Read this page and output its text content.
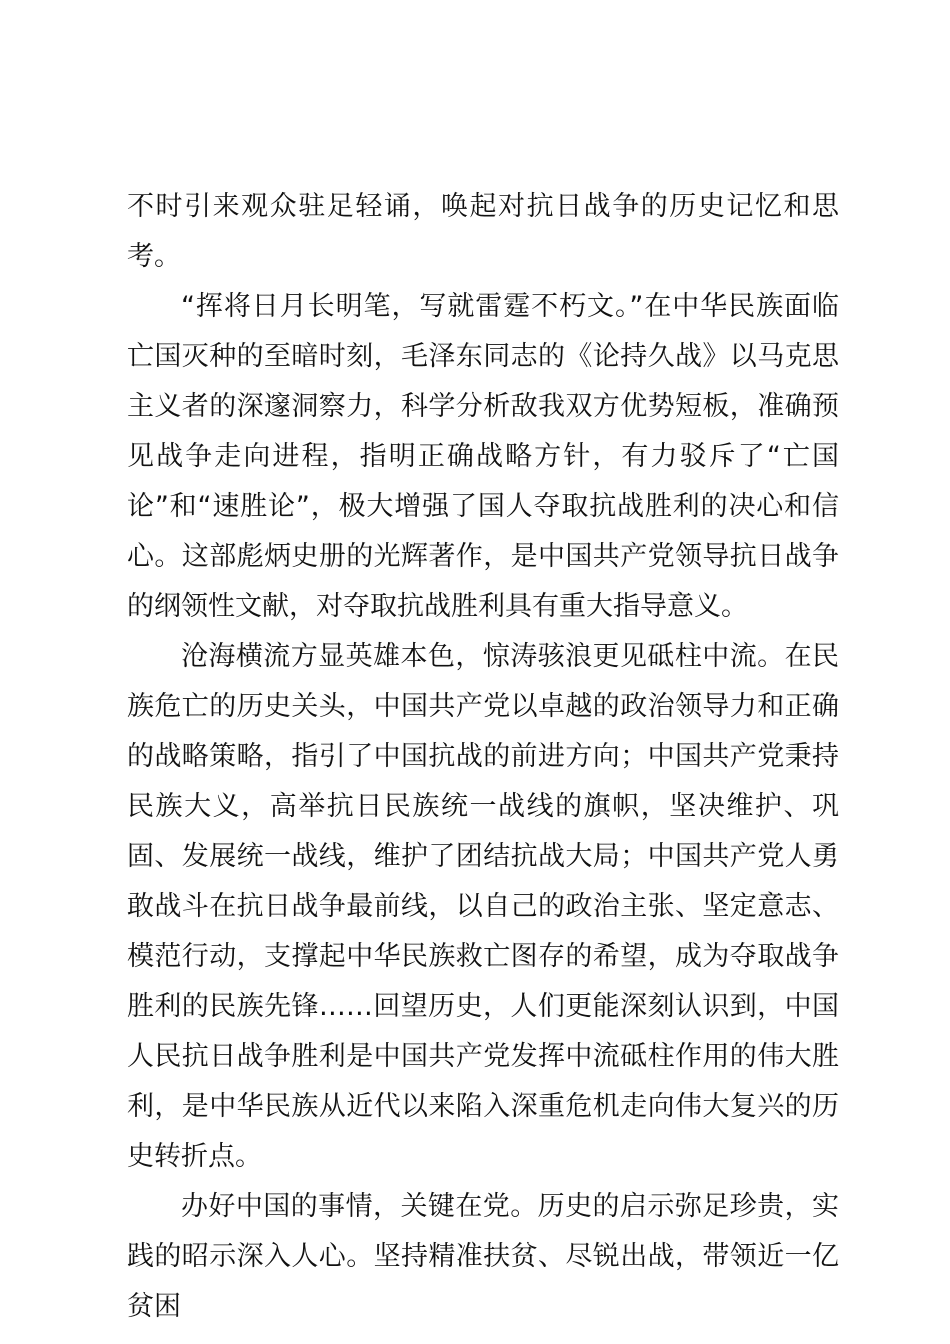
不时引来观众驻足轻诵，唤起对抗日战争的历史记忆和思考。

“挥将日月长明笔，写就雷霆不朽文。”在中华民族面临亡国灭种的至暗时刻，毛泽东同志的《论持久战》以马克思主义者的深邃洞察力，科学分析敌我双方优势短板，准确预见战争走向进程，指明正确战略方针，有力驳斥了“亡国论”和“速胜论”，极大增强了国人夺取抗战胜利的决心和信心。这部彪炳史册的光辉著作，是中国共产党领导抗日战争的纲领性文献，对夺取抗战胜利具有重大指导意义。

沧海横流方显英雄本色，惊涛骇浪更见砥柱中流。在民族危亡的历史关头，中国共产党以卓越的政治领导力和正确的战略策略，指引了中国抗战的前进方向；中国共产党秉持民族大义，高举抗日民族统一战线的旗帜，坚决维护、巩固、发展统一战线，维护了团结抗战大局；中国共产党人勇敢战斗在抗日战争最前线，以自己的政治主张、坚定意志、模范行动，支撑起中华民族救亡图存的希望，成为夺取战争胜利的民族先锋……回望历史，人们更能深刻认识到，中国人民抗日战争胜利是中国共产党发挥中流砥柱作用的伟大胜利，是中华民族从近代以来陷入深重危机走向伟大复兴的历史转折点。

办好中国的事情，关键在党。历史的启示弥足珍贵，实践的昭示深入人心。坚持精准扶贫、尽锐出战，带领近一亿贫困
